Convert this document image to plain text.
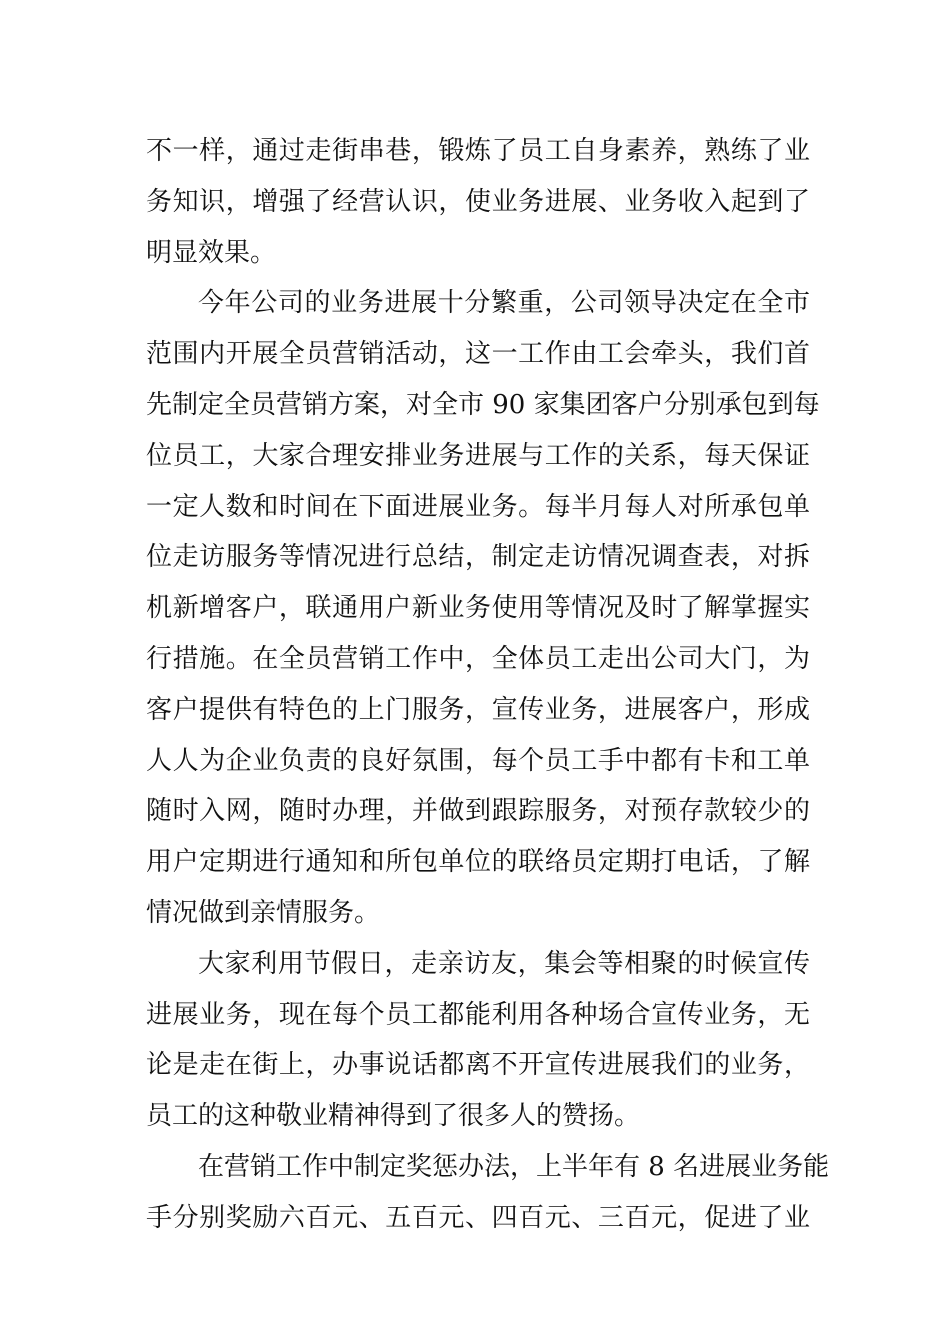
不一样，通过走街串巷，锻炼了员工自身素养，熟练了业
务知识，增强了经营认识，使业务进展、业务收入起到了
明显效果。
今年公司的业务进展十分繁重，公司领导决定在全市
范围内开展全员营销活动，这一工作由工会牵头，我们首
先制定全员营销方案，对全市 90 家集团客户分别承包到每
位员工，大家合理安排业务进展与工作的关系，每天保证
一定人数和时间在下面进展业务。每半月每人对所承包单
位走访服务等情况进行总结，制定走访情况调查表，对拆
机新增客户，联通用户新业务使用等情况及时了解掌握实
行措施。在全员营销工作中，全体员工走出公司大门，为
客户提供有特色的上门服务，宣传业务，进展客户，形成
人人为企业负责的良好氛围，每个员工手中都有卡和工单
随时入网，随时办理，并做到跟踪服务，对预存款较少的
用户定期进行通知和所包单位的联络员定期打电话，了解
情况做到亲情服务。
大家利用节假日，走亲访友，集会等相聚的时候宣传
进展业务，现在每个员工都能利用各种场合宣传业务，无
论是走在街上，办事说话都离不开宣传进展我们的业务，
员工的这种敬业精神得到了很多人的赞扬。
在营销工作中制定奖惩办法，上半年有 8 名进展业务能
手分别奖励六百元、五百元、四百元、三百元，促进了业
